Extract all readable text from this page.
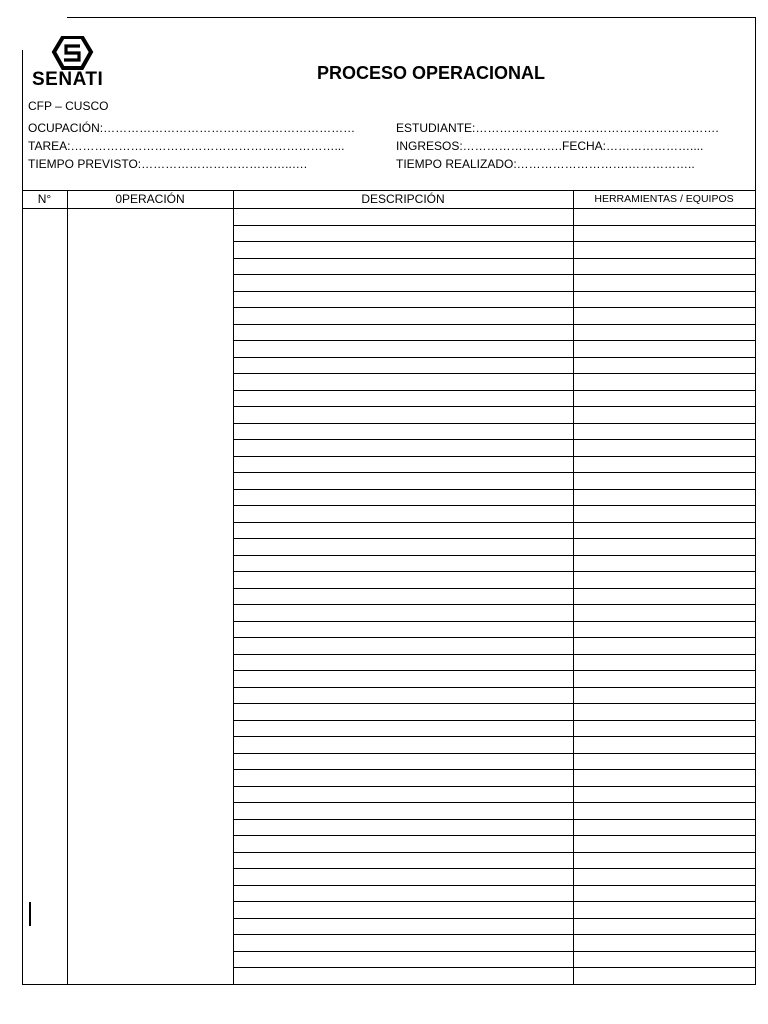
SENATI	PROCESO OPERACIONAL
CFP – CUSCO
OCUPACIÓN:………………………………………………………	ESTUDIANTE:…………………………………………………….
TAREA:…………………………………………………………...	INGRESOS:…………………….FECHA:…………………....
TIEMPO PREVISTO:………………………………..….	TIEMPO REALIZADO:……………………….……………..
N°	0PERACIÓN	DESCRIPCIÓN	HERRAMIENTAS / EQUIPOS
